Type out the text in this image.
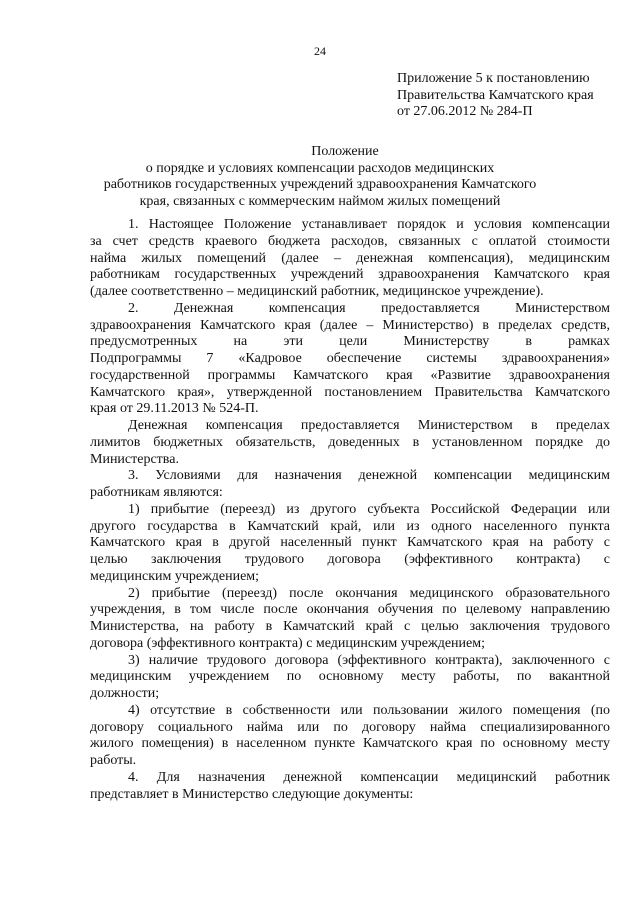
24
Приложение 5 к постановлению
Правительства Камчатского края
от 27.06.2012 № 284-П
Положение
о порядке и условиях компенсации расходов медицинских
работников государственных учреждений здравоохранения Камчатского
края, связанных с коммерческим наймом жилых помещений
1. Настоящее Положение устанавливает порядок и условия компенсации
за счет средств краевого бюджета расходов, связанных с оплатой стоимости
найма жилых помещений (далее – денежная компенсация), медицинским
работникам государственных учреждений здравоохранения Камчатского края
(далее соответственно – медицинский работник, медицинское учреждение).
2. Денежная компенсация предоставляется Министерством
здравоохранения Камчатского края (далее – Министерство) в пределах средств,
предусмотренных на эти цели Министерству в рамках
Подпрограммы 7 «Кадровое обеспечение системы здравоохранения»
государственной программы Камчатского края «Развитие здравоохранения
Камчатского края», утвержденной постановлением Правительства Камчатского
края от 29.11.2013 № 524-П.
Денежная компенсация предоставляется Министерством в пределах
лимитов бюджетных обязательств, доведенных в установленном порядке до
Министерства.
3. Условиями для назначения денежной компенсации медицинским
работникам являются:
1) прибытие (переезд) из другого субъекта Российской Федерации или
другого государства в Камчатский край, или из одного населенного пункта
Камчатского края в другой населенный пункт Камчатского края на работу с
целью заключения трудового договора (эффективного контракта) с
медицинским учреждением;
2) прибытие (переезд) после окончания медицинского образовательного
учреждения, в том числе после окончания обучения по целевому направлению
Министерства, на работу в Камчатский край с целью заключения трудового
договора (эффективного контракта) с медицинским учреждением;
3) наличие трудового договора (эффективного контракта), заключенного с
медицинским учреждением по основному месту работы, по вакантной
должности;
4) отсутствие в собственности или пользовании жилого помещения (по
договору социального найма или по договору найма специализированного
жилого помещения) в населенном пункте Камчатского края по основному месту
работы.
4. Для назначения денежной компенсации медицинский работник
представляет в Министерство следующие документы:
